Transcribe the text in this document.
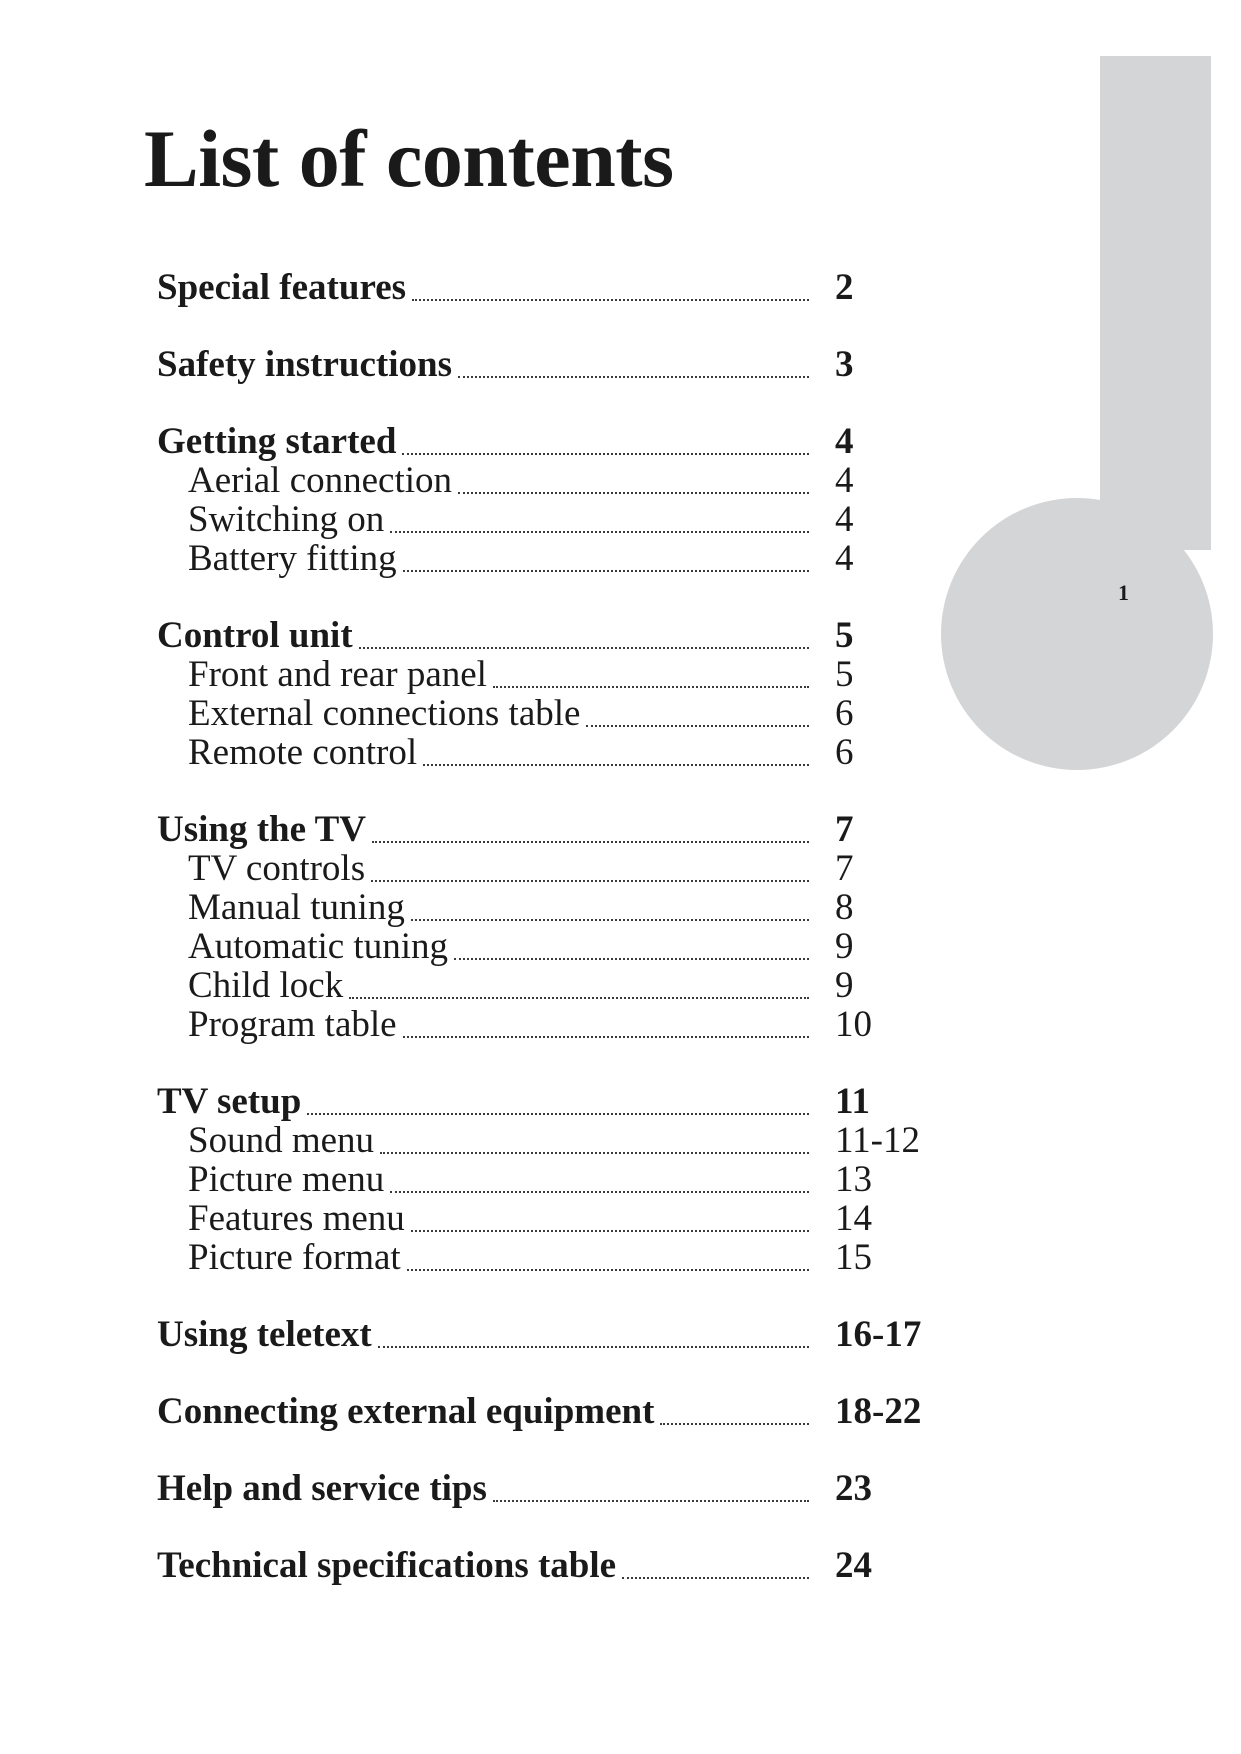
1
List of contents
Special features	2
Safety instructions	3
Getting started	4
Aerial connection	4
Switching on	4
Battery fitting	4
Control unit	5
Front and rear panel	5
External connections table	6
Remote control	6
Using the TV	7
TV controls	7
Manual tuning	8
Automatic tuning	9
Child lock	9
Program table	10
TV setup	11
Sound menu	11-12
Picture menu	13
Features menu	14
Picture format	15
Using teletext	16-17
Connecting external equipment	18-22
Help and service tips	23
Technical specifications table	24
